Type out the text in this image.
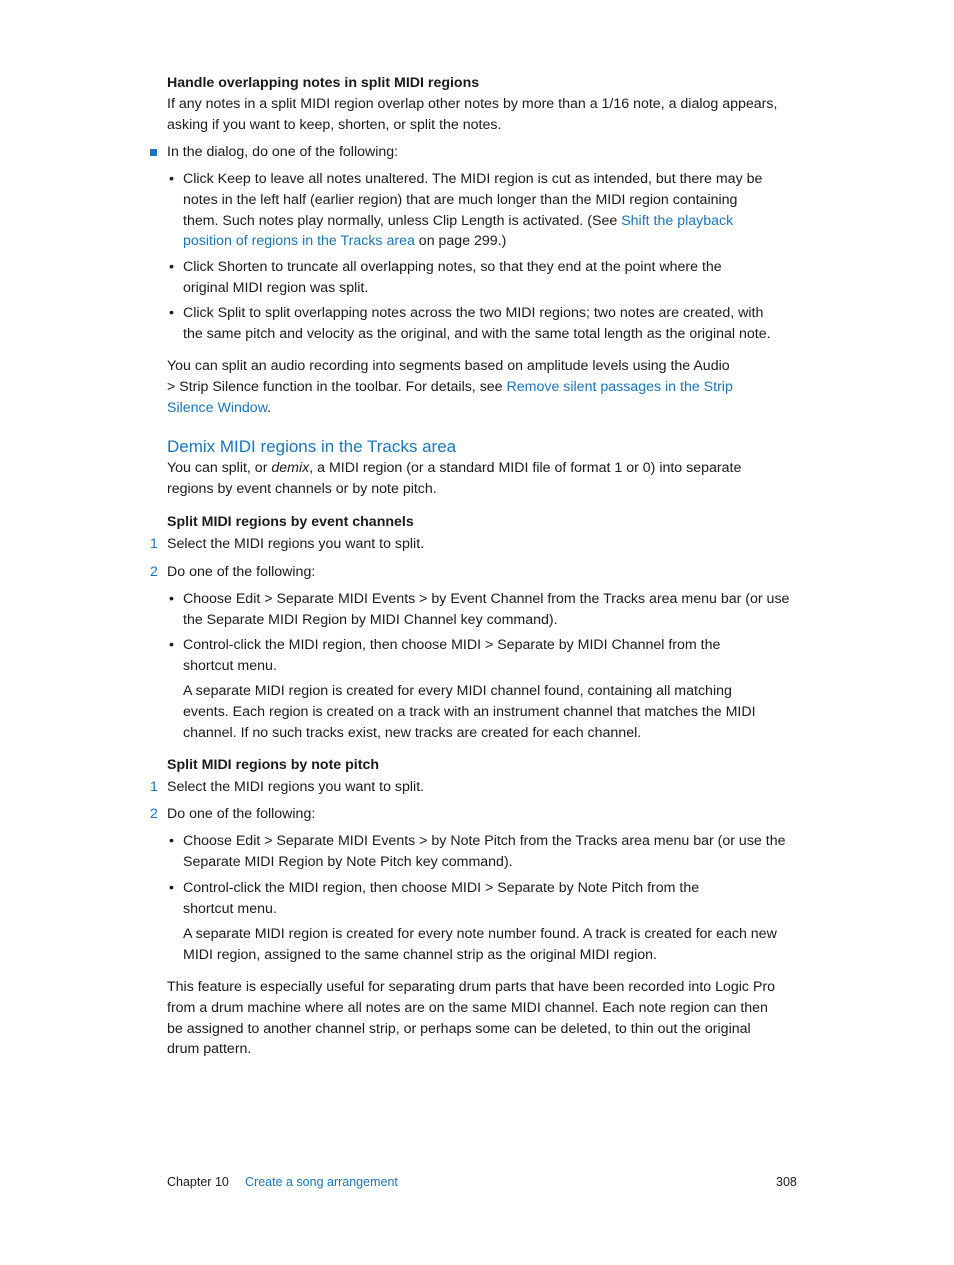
Handle overlapping notes in split MIDI regions

If any notes in a split MIDI region overlap other notes by more than a 1/16 note, a dialog appears,

asking if you want to keep, shorten, or split the notes.

In the dialog, do one of the following:
• Click Keep to leave all notes unaltered. The MIDI region is cut as intended, but there may be

notes in the left half (earlier region) that are much longer than the MIDI region containing

them. Such notes play normally, unless Clip Length is activated. (See Shift the playback

position of regions in the Tracks area on page 299.)

• Click Shorten to truncate all overlapping notes, so that they end at the point where the

original MIDI region was split.

• Click Split to split overlapping notes across the two MIDI regions; two notes are created, with

the same pitch and velocity as the original, and with the same total length as the original note.

You can split an audio recording into segments based on amplitude levels using the Audio

> Strip Silence function in the toolbar. For details, see Remove silent passages in the Strip

Silence Window.

Demix MIDI regions in the Tracks area

You can split, or demix, a MIDI region (or a standard MIDI file of format 1 or 0) into separate

regions by event channels or by note pitch.

Split MIDI regions by event channels
1 Select the MIDI regions you want to split.
2 Do one of the following:
• Choose Edit > Separate MIDI Events > by Event Channel from the Tracks area menu bar (or use

the Separate MIDI Region by MIDI Channel key command).

• Control-click the MIDI region, then choose MIDI > Separate by MIDI Channel from the

shortcut menu.

A separate MIDI region is created for every MIDI channel found, containing all matching

events. Each region is created on a track with an instrument channel that matches the MIDI

channel. If no such tracks exist, new tracks are created for each channel.

Split MIDI regions by note pitch
1 Select the MIDI regions you want to split.
2 Do one of the following:
• Choose Edit > Separate MIDI Events > by Note Pitch from the Tracks area menu bar (or use the

Separate MIDI Region by Note Pitch key command).

• Control-click the MIDI region, then choose MIDI > Separate by Note Pitch from the

shortcut menu.

A separate MIDI region is created for every note number found. A track is created for each new

MIDI region, assigned to the same channel strip as the original MIDI region.

This feature is especially useful for separating drum parts that have been recorded into Logic Pro

from a drum machine where all notes are on the same MIDI channel. Each note region can then

be assigned to another channel strip, or perhaps some can be deleted, to thin out the original

drum pattern.

Chapter 10 Create a song arrangement	308
